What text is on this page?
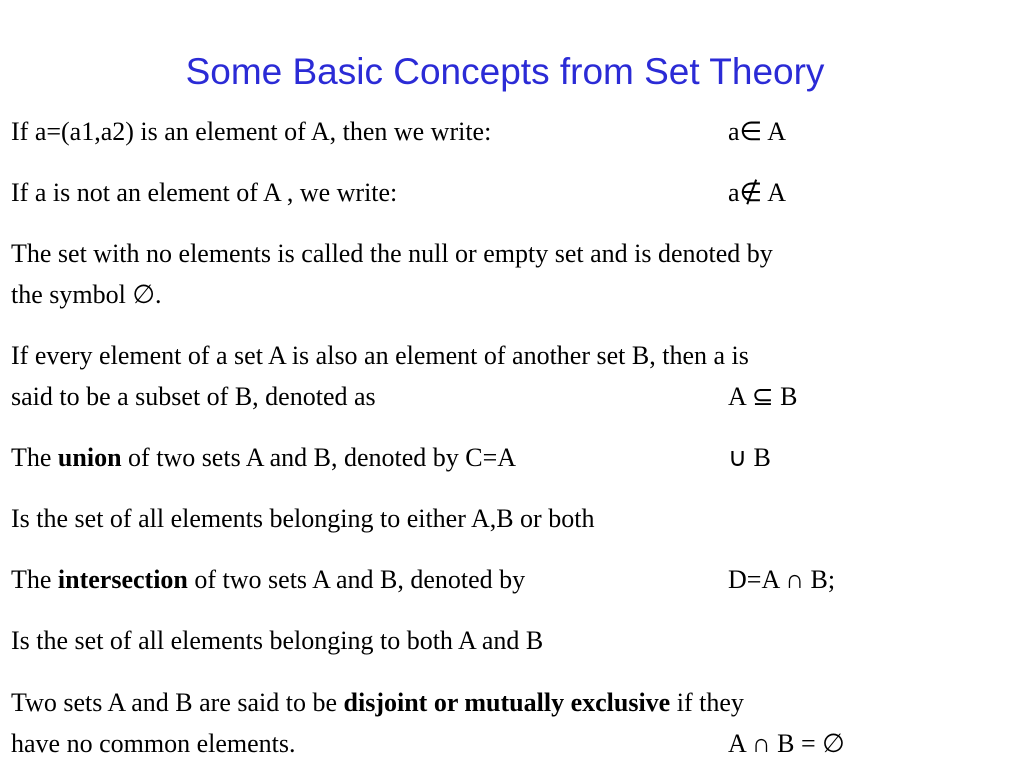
Some Basic Concepts from Set Theory
If a=(a1,a2) is an element of A, then we write:	a∈ A
If a is not an element of A , we write:	a∉ A
The set with no elements is called the null or empty set and is denoted by
the symbol ∅.
If every element of a set A is also an element of another set B, then a is
said to be a subset of B, denoted as	A ⊆ B
The union of two sets A and B, denoted by C=A	∪ B
Is the set of all elements belonging to either A,B or both
The intersection of two sets A and B, denoted by	D=A ∩ B;
Is the set of all elements belonging to both A and B
Two sets A and B are said to be disjoint or mutually exclusive if they
have no common elements.	A ∩ B = ∅
